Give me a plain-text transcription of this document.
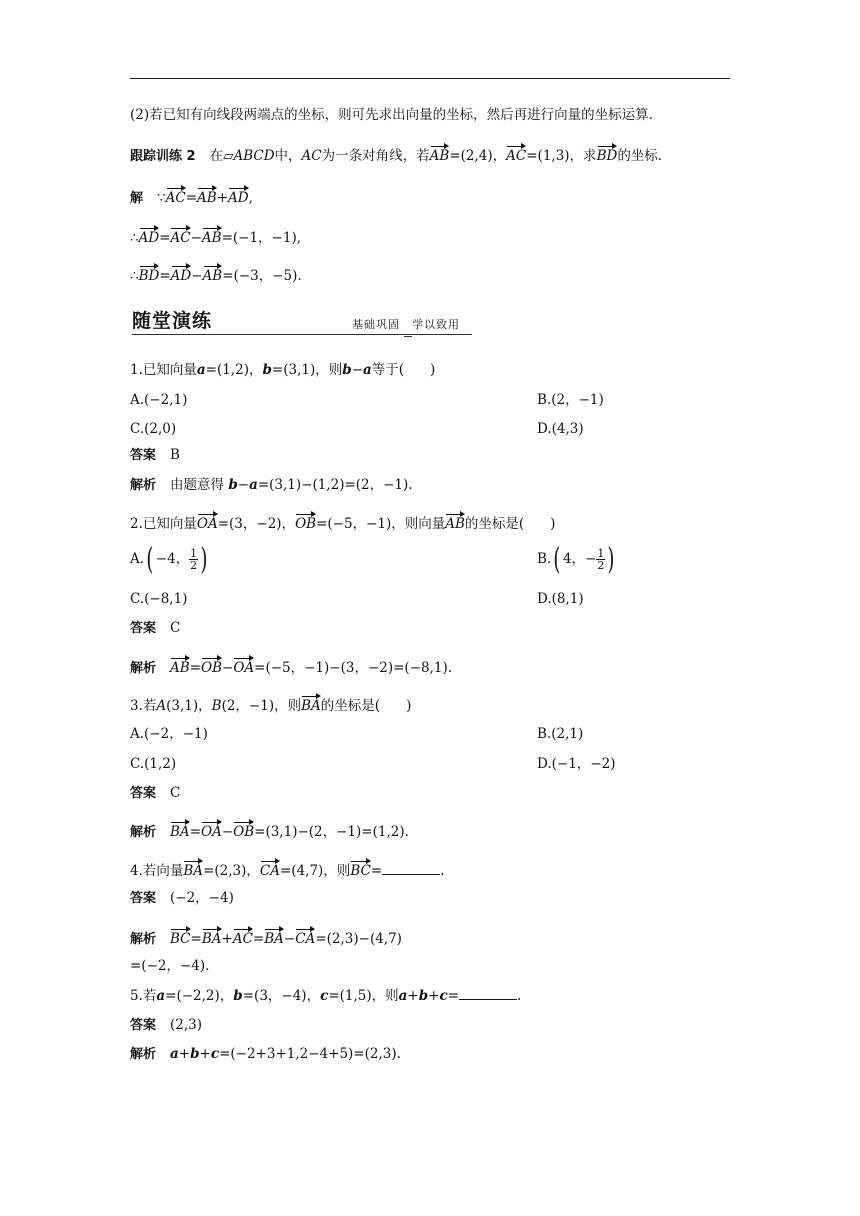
(2)若已知有向线段两端点的坐标，则可先求出向量的坐标，然后再进行向量的坐标运算.
跟踪训练 2 在▱ABCD中，AC为一条对角线，若AB=(2,4)，AC=(1,3)，求BD的坐标.
解 ∵AC=AB+AD,
∴AD=AC−AB=(−1，−1),
∴BD=AD−AB=(−3，−5).
随堂演练	基础巩固　学以致用
1.已知向量a=(1,2)，b=(3,1)，则b−a等于( )
A.(−2,1)	B.(2，−1)
C.(2,0)	D.(4,3)
答案 B
解析 由题意得 b−a=(3,1)−(1,2)=(2，−1).
2.已知向量OA=(3，−2)，OB=(−5，−1)，则向量AB的坐标是( )
A.( −4， $\frac{1}{2}$ )	B.( 4，− $\frac{1}{2}$ )
C.(−8,1)	D.(8,1)
答案 C
解析 AB=OB−OA=(−5，−1)−(3，−2)=(−8,1).
3.若A(3,1)，B(2，−1)，则BA的坐标是( )
A.(−2，−1)	B.(2,1)
C.(1,2)	D.(−1，−2)
答案 C
解析 BA=OA−OB=(3,1)−(2，−1)=(1,2).
4.若向量BA=(2,3)，CA=(4,7)，则BC=	.
答案 (−2，−4)
解析 BC=BA+AC=BA−CA=(2,3)−(4,7)
=(−2，−4).
5.若a=(−2,2)，b=(3，−4)，c=(1,5)，则a+b+c=	.
答案 (2,3)
解析 a+b+c=(−2+3+1,2−4+5)=(2,3).
